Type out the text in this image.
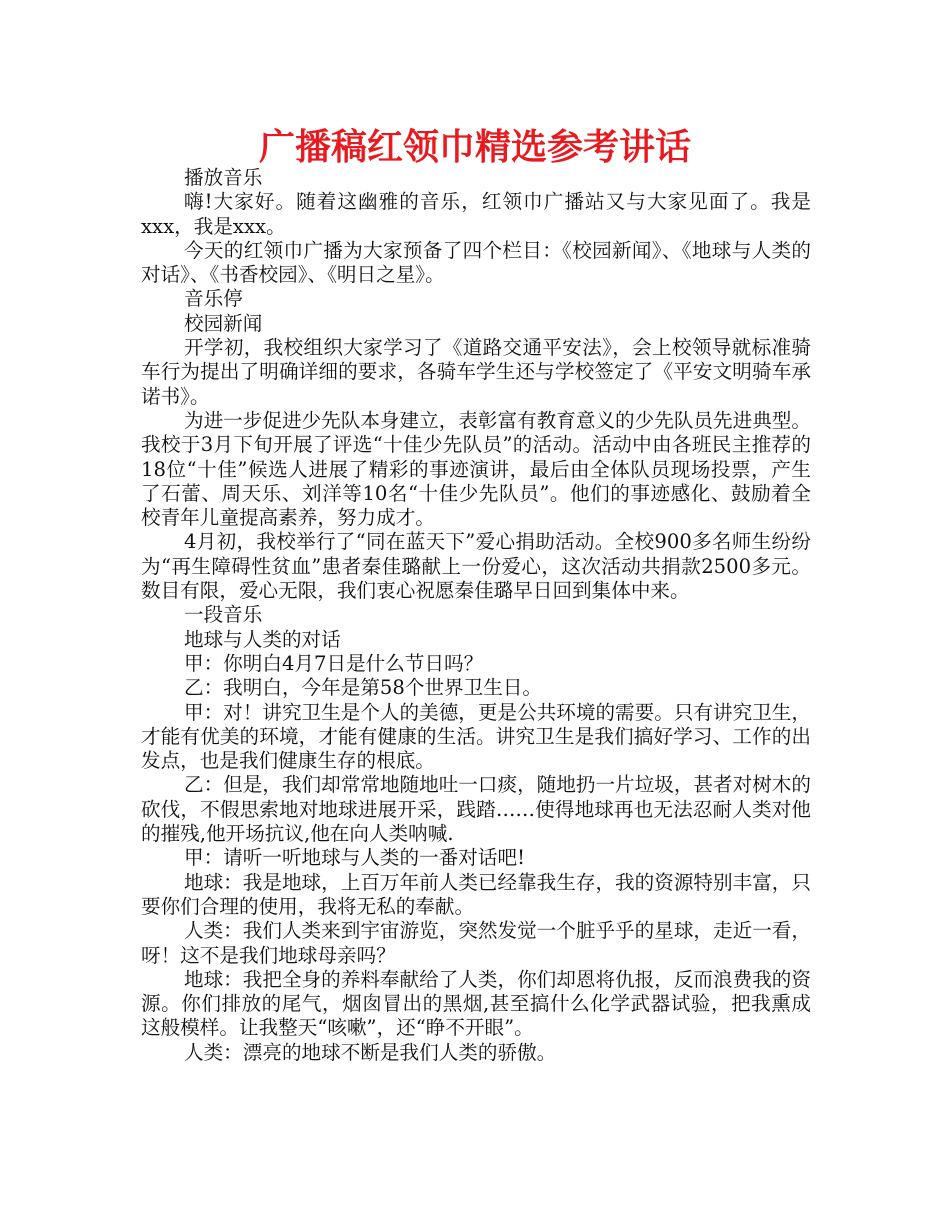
广播稿红领巾精选参考讲话

播放音乐

嗨!大家好。随着这幽雅的音乐，红领巾广播站又与大家见面了。我是xxx，我是xxx。

今天的红领巾广播为大家预备了四个栏目：《校园新闻》、《地球与人类的对话》、《书香校园》、《明日之星》。

音乐停

校园新闻

开学初，我校组织大家学习了《道路交通平安法》，会上校领导就标准骑车行为提出了明确详细的要求，各骑车学生还与学校签定了《平安文明骑车承诺书》。

为进一步促进少先队本身建立，表彰富有教育意义的少先队员先进典型。我校于3月下旬开展了评选“十佳少先队员”的活动。活动中由各班民主推荐的18位“十佳”候选人进展了精彩的事迹演讲，最后由全体队员现场投票，产生了石蕾、周天乐、刘洋等10名“十佳少先队员”。他们的事迹感化、鼓励着全校青年儿童提高素养，努力成才。

4月初，我校举行了“同在蓝天下”爱心捐助活动。全校900多名师生纷纷为“再生障碍性贫血”患者秦佳璐献上一份爱心，这次活动共捐款2500多元。数目有限，爱心无限，我们衷心祝愿秦佳璐早日回到集体中来。

一段音乐

地球与人类的对话

甲：你明白4月7日是什么节日吗？

乙：我明白，今年是第58个世界卫生日。

甲：对！讲究卫生是个人的美德，更是公共环境的需要。只有讲究卫生，才能有优美的环境，才能有健康的生活。讲究卫生是我们搞好学习、工作的出发点，也是我们健康生存的根底。

乙：但是，我们却常常地随地吐一口痰，随地扔一片垃圾，甚者对树木的砍伐，不假思索地对地球进展开采，践踏……使得地球再也无法忍耐人类对他的摧残,他开场抗议,他在向人类呐喊.

甲：请听一听地球与人类的一番对话吧!

地球：我是地球，上百万年前人类已经靠我生存，我的资源特别丰富，只要你们合理的使用，我将无私的奉献。

人类：我们人类来到宇宙游览，突然发觉一个脏乎乎的星球，走近一看，呀！这不是我们地球母亲吗？

地球：我把全身的养料奉献给了人类，你们却恩将仇报，反而浪费我的资源。你们排放的尾气，烟囱冒出的黑烟,甚至搞什么化学武器试验，把我熏成这般模样。让我整天“咳嗽”，还“睁不开眼”。

人类：漂亮的地球不断是我们人类的骄傲。
